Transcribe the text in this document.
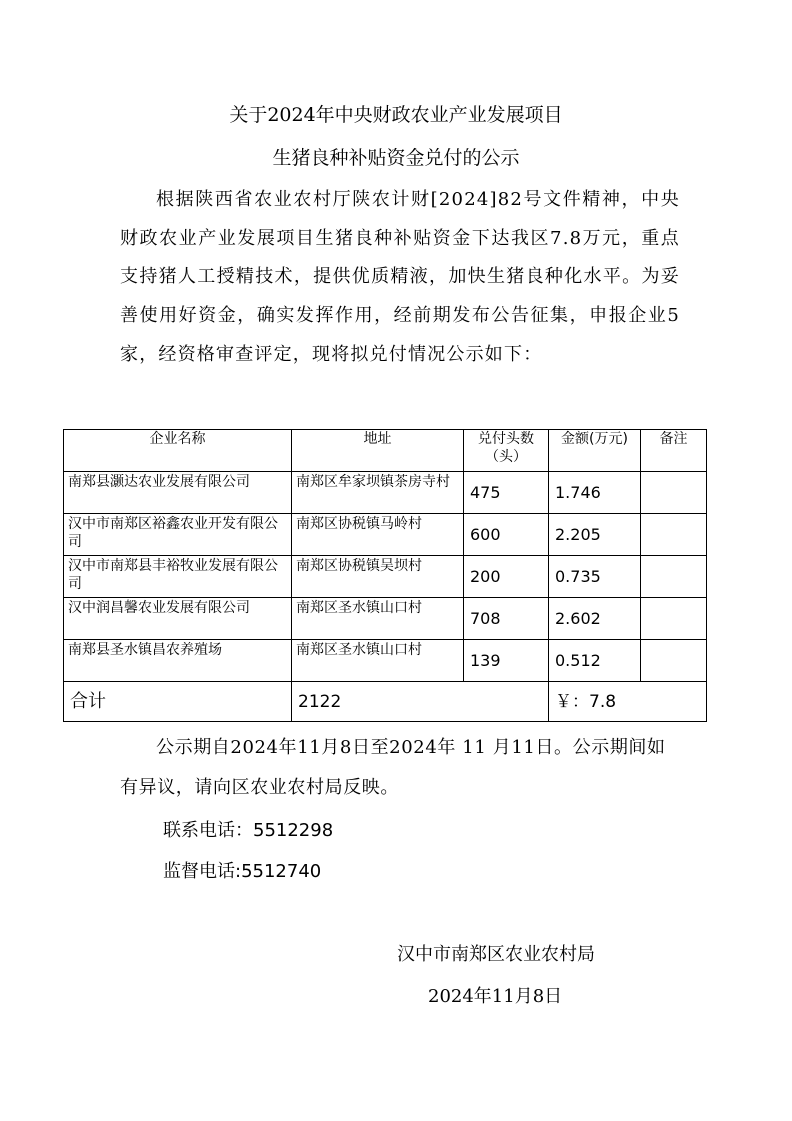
关于2024年中央财政农业产业发展项目
生猪良种补贴资金兑付的公示
根据陕西省农业农村厅陕农计财[2024]82号文件精神，中央财政农业产业发展项目生猪良种补贴资金下达我区7.8万元，重点支持猪人工授精技术，提供优质精液，加快生猪良种化水平。为妥善使用好资金，确实发挥作用，经前期发布公告征集，申报企业5家，经资格审查评定，现将拟兑付情况公示如下：
企业名称	地址	兑付头数（头）	金额(万元)	备注
南郑县灏达农业发展有限公司	南郑区牟家坝镇茶房寺村	475	1.746	
汉中市南郑区裕鑫农业开发有限公司	南郑区协税镇马岭村	600	2.205	
汉中市南郑县丰裕牧业发展有限公司	南郑区协税镇吴坝村	200	0.735	
汉中润昌馨农业发展有限公司	南郑区圣水镇山口村	708	2.602	
南郑县圣水镇昌农养殖场	南郑区圣水镇山口村	139	0.512	
合计	2122		￥：7.8	
公示期自2024年11月8日至2024年 11 月11日。公示期间如有异议，请向区农业农村局反映。
联系电话：5512298
监督电话:5512740
汉中市南郑区农业农村局
2024年11月8日
